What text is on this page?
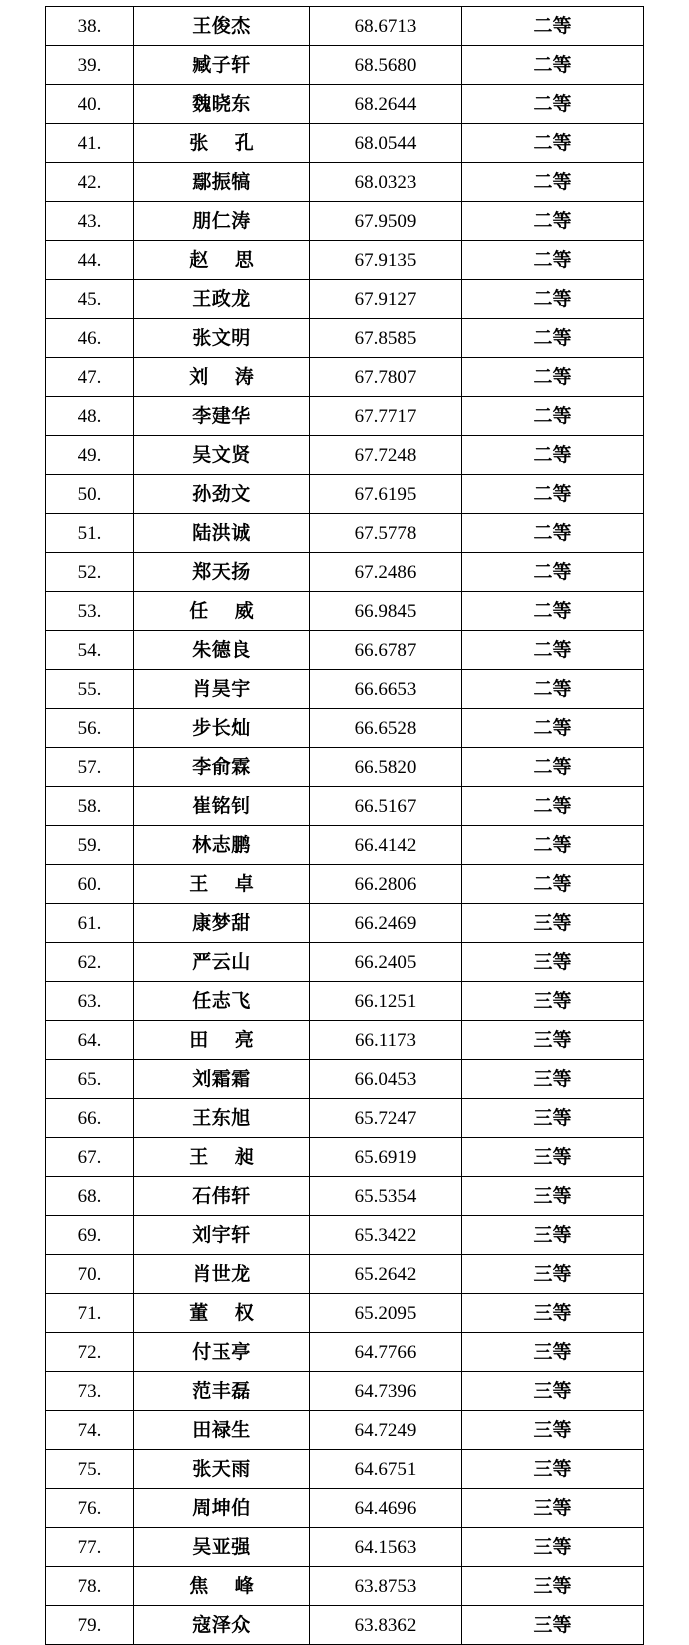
38.	王俊杰	68.6713	二等
39.	臧子轩	68.5680	二等
40.	魏晓东	68.2644	二等
41.	张 孔	68.0544	二等
42.	鄢振犒	68.0323	二等
43.	朋仁涛	67.9509	二等
44.	赵 思	67.9135	二等
45.	王政龙	67.9127	二等
46.	张文明	67.8585	二等
47.	刘 涛	67.7807	二等
48.	李建华	67.7717	二等
49.	吴文贤	67.7248	二等
50.	孙劲文	67.6195	二等
51.	陆洪诚	67.5778	二等
52.	郑天扬	67.2486	二等
53.	任 威	66.9845	二等
54.	朱德良	66.6787	二等
55.	肖昊宇	66.6653	二等
56.	步长灿	66.6528	二等
57.	李俞霖	66.5820	二等
58.	崔铭钊	66.5167	二等
59.	林志鹏	66.4142	二等
60.	王 卓	66.2806	二等
61.	康梦甜	66.2469	三等
62.	严云山	66.2405	三等
63.	任志飞	66.1251	三等
64.	田 亮	66.1173	三等
65.	刘霜霜	66.0453	三等
66.	王东旭	65.7247	三等
67.	王 昶	65.6919	三等
68.	石伟轩	65.5354	三等
69.	刘宇轩	65.3422	三等
70.	肖世龙	65.2642	三等
71.	董 权	65.2095	三等
72.	付玉亭	64.7766	三等
73.	范丰磊	64.7396	三等
74.	田禄生	64.7249	三等
75.	张天雨	64.6751	三等
76.	周坤伯	64.4696	三等
77.	吴亚强	64.1563	三等
78.	焦 峰	63.8753	三等
79.	寇泽众	63.8362	三等
